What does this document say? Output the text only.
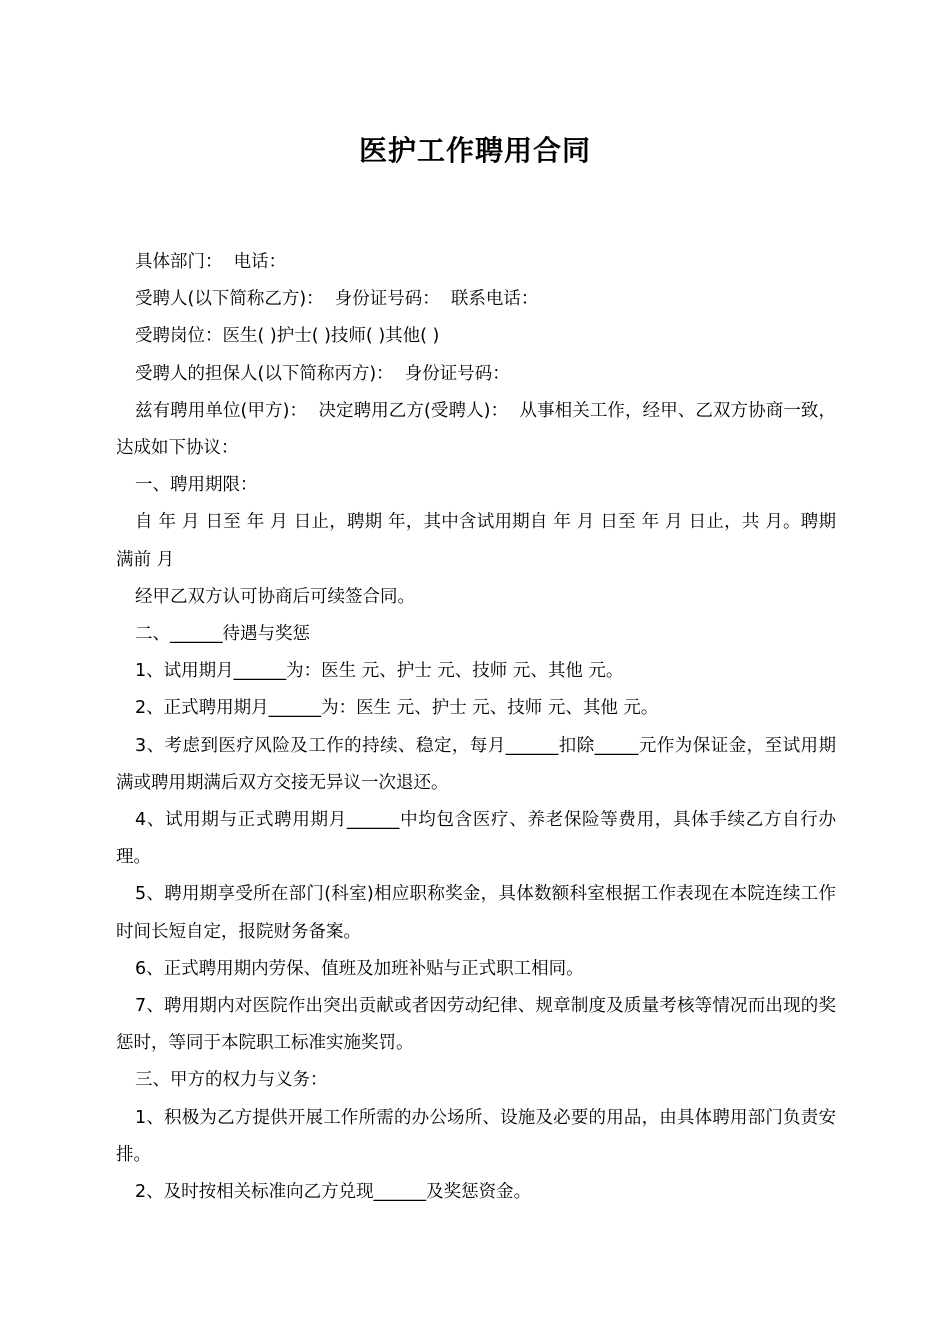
医护工作聘用合同

具体部门：  电话：

受聘人(以下简称乙方)：  身份证号码：  联系电话：

受聘岗位：医生( )护士( )技师( )其他( )

受聘人的担保人(以下简称丙方)：  身份证号码：

兹有聘用单位(甲方)：  决定聘用乙方(受聘人)：  从事相关工作，经甲、乙双方协商一致，达成如下协议：

一、聘用期限：

自 年 月 日至 年 月 日止，聘期 年，其中含试用期自 年 月 日至 年 月 日止，共 月。聘期满前 月

经甲乙双方认可协商后可续签合同。

二、______待遇与奖惩

1、试用期月______为：医生 元、护士 元、技师 元、其他 元。

2、正式聘用期月______为：医生 元、护士 元、技师 元、其他 元。

3、考虑到医疗风险及工作的持续、稳定，每月______扣除_____元作为保证金，至试用期满或聘用期满后双方交接无异议一次退还。

4、试用期与正式聘用期月______中均包含医疗、养老保险等费用，具体手续乙方自行办理。

5、聘用期享受所在部门(科室)相应职称奖金，具体数额科室根据工作表现在本院连续工作时间长短自定，报院财务备案。

6、正式聘用期内劳保、值班及加班补贴与正式职工相同。

7、聘用期内对医院作出突出贡献或者因劳动纪律、规章制度及质量考核等情况而出现的奖惩时，等同于本院职工标准实施奖罚。

三、甲方的权力与义务：

1、积极为乙方提供开展工作所需的办公场所、设施及必要的用品，由具体聘用部门负责安排。

2、及时按相关标准向乙方兑现______及奖惩资金。
